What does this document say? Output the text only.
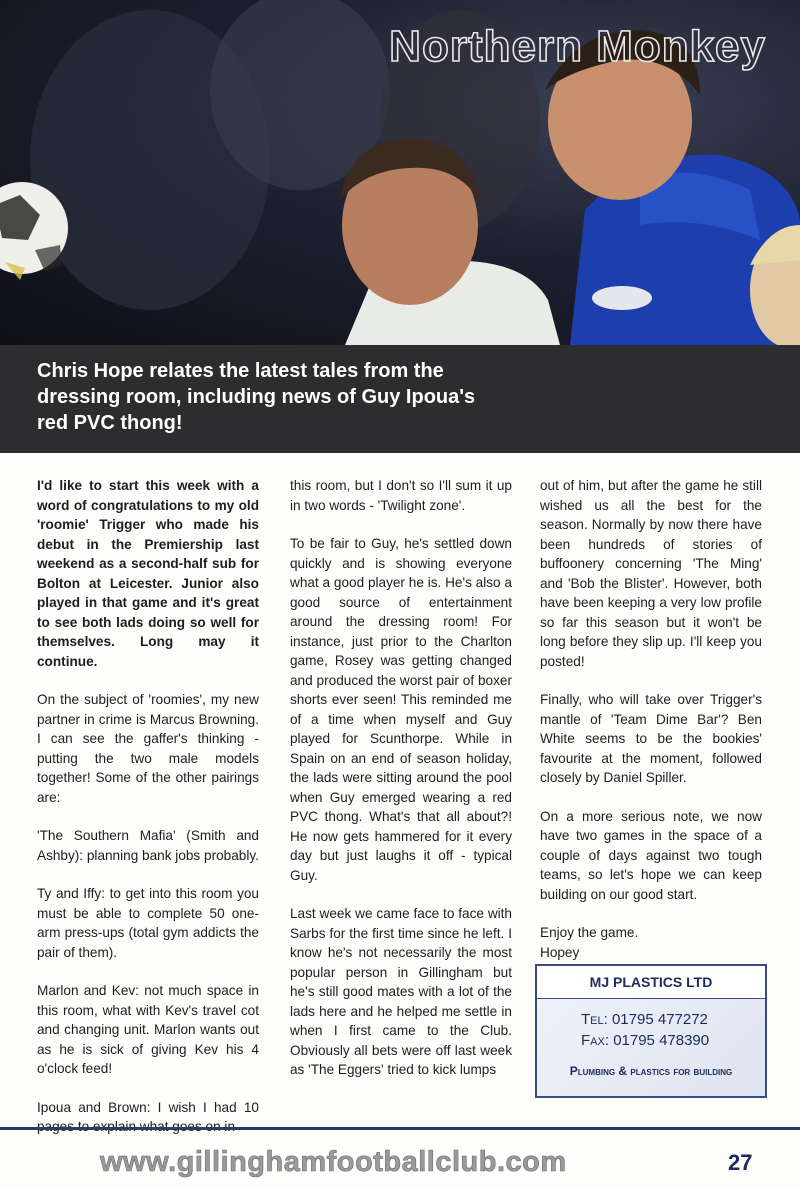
Northern Monkey

Chris Hope relates the latest tales from the dressing room, including news of Guy Ipoua's red PVC thong!

I'd like to start this week with a word of congratulations to my old 'roomie' Trigger who made his debut in the Premiership last weekend as a second-half sub for Bolton at Leicester. Junior also played in that game and it's great to see both lads doing so well for themselves. Long may it continue.

On the subject of 'roomies', my new partner in crime is Marcus Browning. I can see the gaffer's thinking - putting the two male models together! Some of the other pairings are:

'The Southern Mafia' (Smith and Ashby): planning bank jobs probably.

Ty and Iffy: to get into this room you must be able to complete 50 one-arm press-ups (total gym addicts the pair of them).

Marlon and Kev: not much space in this room, what with Kev's travel cot and changing unit. Marlon wants out as he is sick of giving Kev his 4 o'clock feed!

Ipoua and Brown: I wish I had 10

this room, but I don't so I'll sum it up in two words - 'Twilight zone'.

To be fair to Guy, he's settled down quickly and is showing everyone what a good player he is. He's also a good source of entertainment around the dressing room! For instance, just prior to the Charlton game, Rosey was getting changed and produced the worst pair of boxer shorts ever seen! This reminded me of a time when myself and Guy played for Scunthorpe. While in Spain on an end of season holiday, the lads were sitting around the pool when Guy emerged wearing a red PVC thong. What's that all about?! He now gets hammered for it every day but just laughs it off - typical Guy.

Last week we came face to face with Sarbs for the first time since he left. I know he's not necessarily the most popular person in Gillingham but he's still good mates with a lot of the lads here and he helped me settle in when I first came to the Club. Obviously all bets were off last week as 'The Eggers' tried to kick lumps

out of him, but after the game he still wished us all the best for the season. Normally by now there have been hundreds of stories of buffoonery concerning 'The Ming' and 'Bob the Blister'. However, both have been keeping a very low profile so far this season but it won't be long before they slip up. I'll keep you posted!

Finally, who will take over Trigger's mantle of 'Team Dime Bar'? Ben White seems to be the bookies' favourite at the moment, followed closely by Daniel Spiller.

On a more serious note, we now have two games in the space of a couple of days against two tough teams, so let's hope we can keep building on our good start.

Enjoy the game.

Hopey

MJ PLASTICS LTD
Tel: 01795 477272
Fax: 01795 478390
Plumbing & plastics for building
www.gillinghamfootballclub.com	27
